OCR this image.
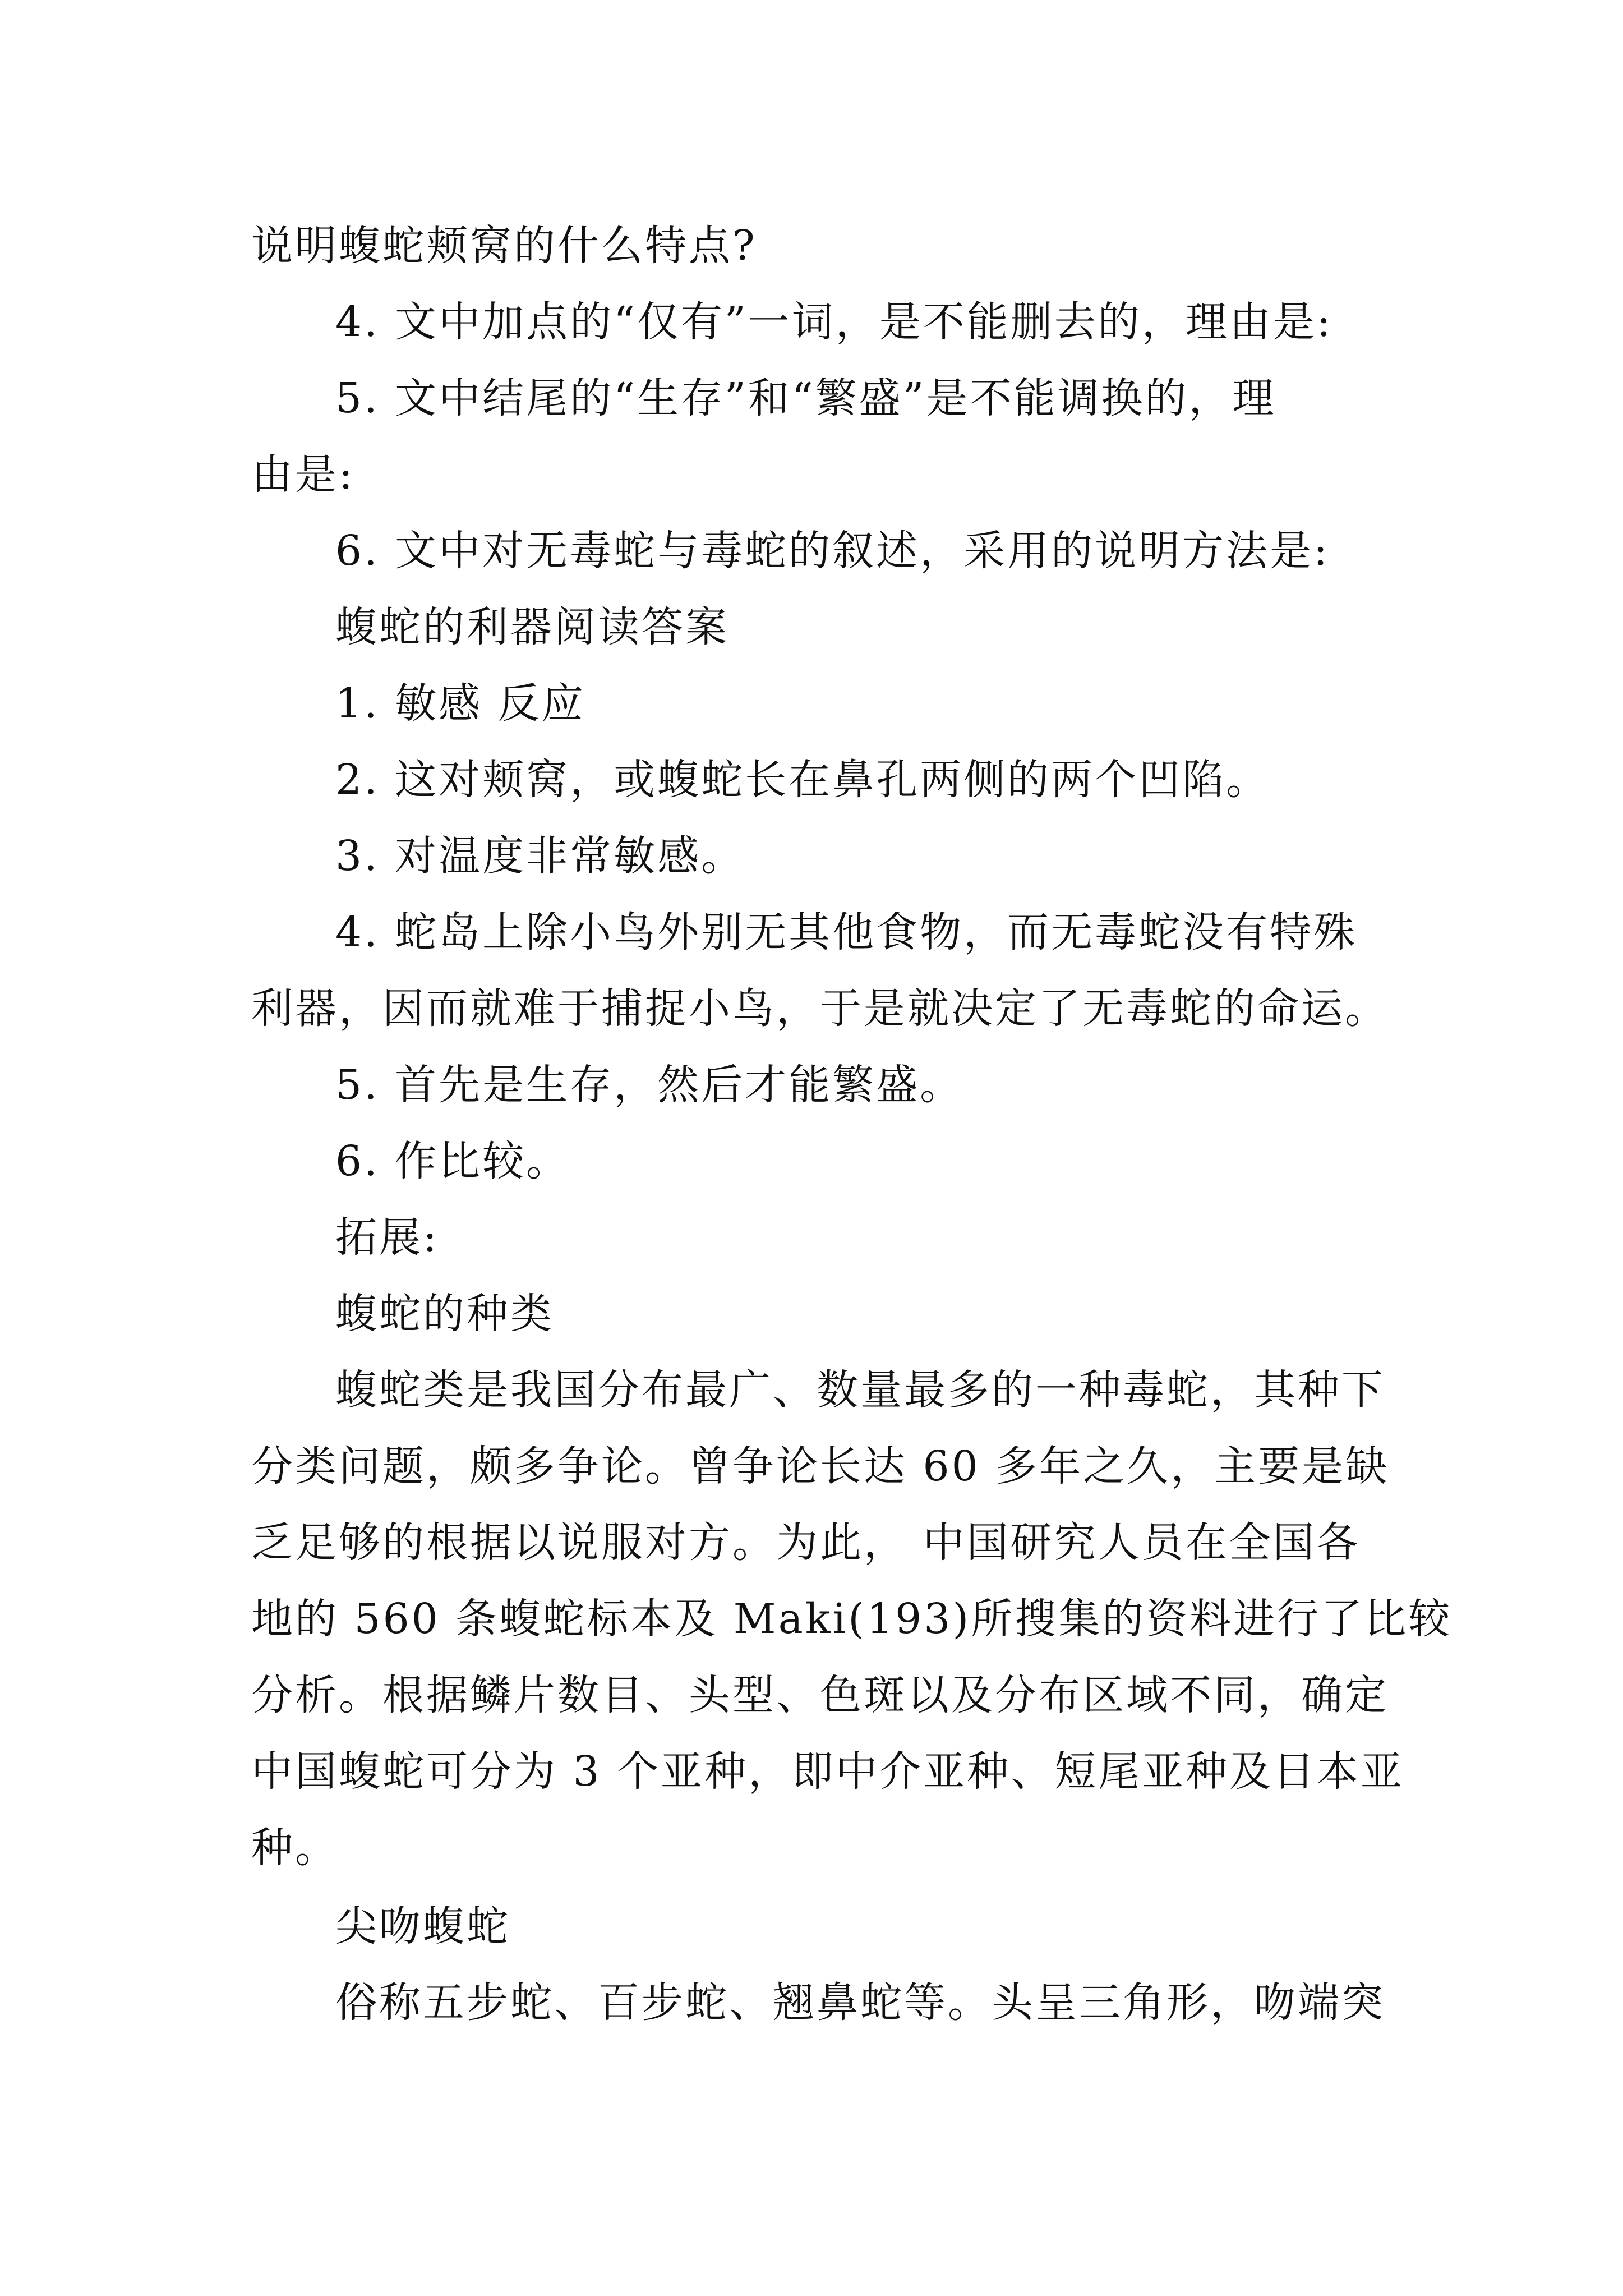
说明蝮蛇颊窝的什么特点?
4. 文中加点的“仅有”一词，是不能删去的，理由是:
5. 文中结尾的“生存”和“繁盛”是不能调换的，理
由是:
6. 文中对无毒蛇与毒蛇的叙述，采用的说明方法是:
蝮蛇的利器阅读答案
1. 敏感 反应
2. 这对颊窝，或蝮蛇长在鼻孔两侧的两个凹陷。
3. 对温度非常敏感。
4. 蛇岛上除小鸟外别无其他食物，而无毒蛇没有特殊
利器，因而就难于捕捉小鸟，于是就决定了无毒蛇的命运。
5. 首先是生存，然后才能繁盛。
6. 作比较。
拓展:
蝮蛇的种类
蝮蛇类是我国分布最广、数量最多的一种毒蛇，其种下
分类问题，颇多争论。曾争论长达 60 多年之久，主要是缺
乏足够的根据以说服对方。为此， 中国研究人员在全国各
地的 560 条蝮蛇标本及 Maki(193)所搜集的资料进行了比较
分析。根据鳞片数目、头型、色斑以及分布区域不同，确定
中国蝮蛇可分为 3 个亚种，即中介亚种、短尾亚种及日本亚
种。
尖吻蝮蛇
俗称五步蛇、百步蛇、翘鼻蛇等。头呈三角形，吻端突
